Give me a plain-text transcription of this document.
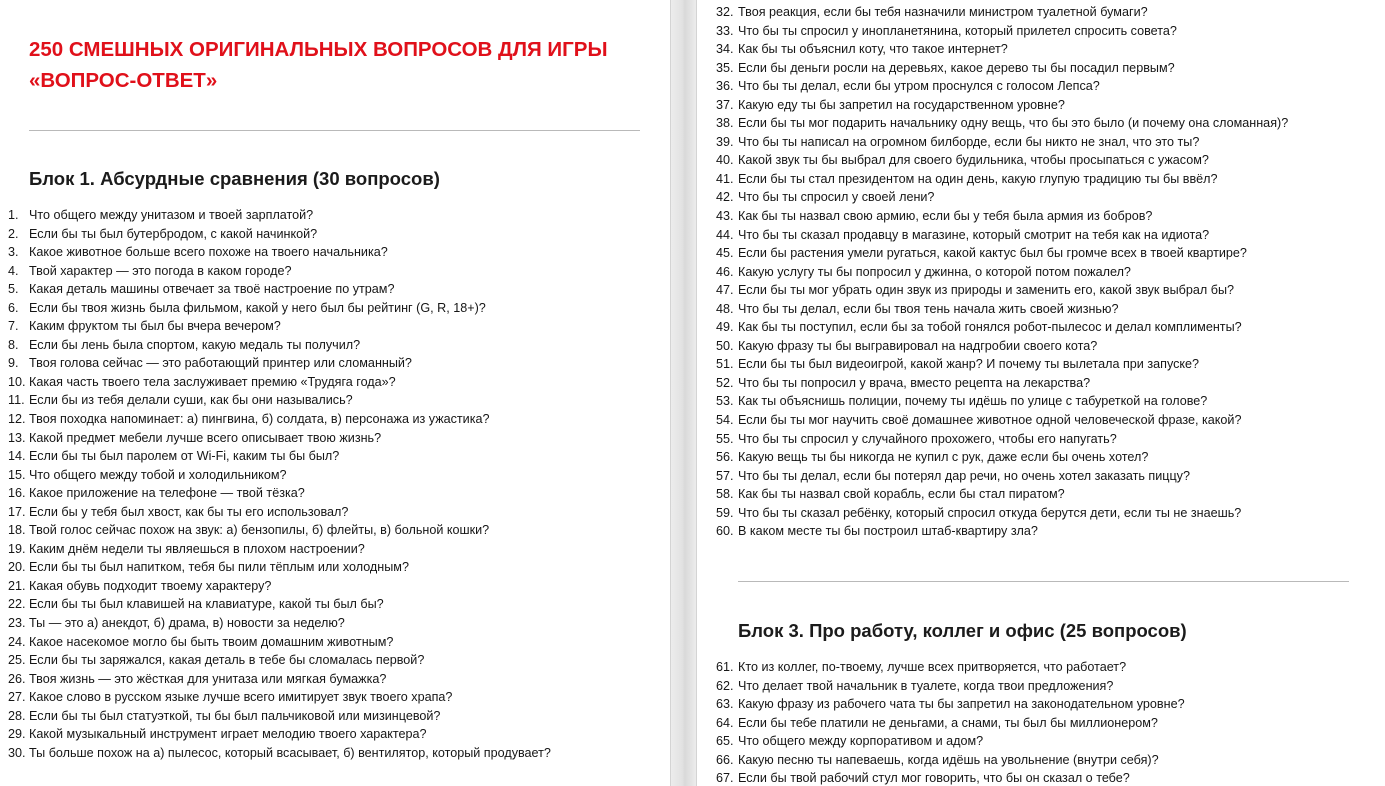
250 СМЕШНЫХ ОРИГИНАЛЬНЫХ ВОПРОСОВ ДЛЯ ИГРЫ
«ВОПРОС-ОТВЕТ»
Блок 1. Абсурдные сравнения (30 вопросов)
1. Что общего между унитазом и твоей зарплатой?
2. Если бы ты был бутербродом, с какой начинкой?
3. Какое животное больше всего похоже на твоего начальника?
4. Твой характер — это погода в каком городе?
5. Какая деталь машины отвечает за твоё настроение по утрам?
6. Если бы твоя жизнь была фильмом, какой у него был бы рейтинг (G, R, 18+)?
7. Каким фруктом ты был бы вчера вечером?
8. Если бы лень была спортом, какую медаль ты получил?
9. Твоя голова сейчас — это работающий принтер или сломанный?
10. Какая часть твоего тела заслуживает премию «Трудяга года»?
11. Если бы из тебя делали суши, как бы они назывались?
12. Твоя походка напоминает: а) пингвина, б) солдата, в) персонажа из ужастика?
13. Какой предмет мебели лучше всего описывает твою жизнь?
14. Если бы ты был паролем от Wi-Fi, каким ты бы был?
15. Что общего между тобой и холодильником?
16. Какое приложение на телефоне — твой тёзка?
17. Если бы у тебя был хвост, как бы ты его использовал?
18. Твой голос сейчас похож на звук: а) бензопилы, б) флейты, в) больной кошки?
19. Каким днём недели ты являешься в плохом настроении?
20. Если бы ты был напитком, тебя бы пили тёплым или холодным?
21. Какая обувь подходит твоему характеру?
22. Если бы ты был клавишей на клавиатуре, какой ты был бы?
23. Ты — это а) анекдот, б) драма, в) новости за неделю?
24. Какое насекомое могло бы быть твоим домашним животным?
25. Если бы ты заряжался, какая деталь в тебе бы сломалась первой?
26. Твоя жизнь — это жёсткая для унитаза или мягкая бумажка?
27. Какое слово в русском языке лучше всего имитирует звук твоего храпа?
28. Если бы ты был статуэткой, ты бы был пальчиковой или мизинцевой?
29. Какой музыкальный инструмент играет мелодию твоего характера?
30. Ты больше похож на а) пылесос, который всасывает, б) вентилятор, который продувает?
32. Твоя реакция, если бы тебя назначили министром туалетной бумаги?
33. Что бы ты спросил у инопланетянина, который прилетел спросить совета?
34. Как бы ты объяснил коту, что такое интернет?
35. Если бы деньги росли на деревьях, какое дерево ты бы посадил первым?
36. Что бы ты делал, если бы утром проснулся с голосом Лепса?
37. Какую еду ты бы запретил на государственном уровне?
38. Если бы ты мог подарить начальнику одну вещь, что бы это было (и почему она сломанная)?
39. Что бы ты написал на огромном билборде, если бы никто не знал, что это ты?
40. Какой звук ты бы выбрал для своего будильника, чтобы просыпаться с ужасом?
41. Если бы ты стал президентом на один день, какую глупую традицию ты бы ввёл?
42. Что бы ты спросил у своей лени?
43. Как бы ты назвал свою армию, если бы у тебя была армия из бобров?
44. Что бы ты сказал продавцу в магазине, который смотрит на тебя как на идиота?
45. Если бы растения умели ругаться, какой кактус был бы громче всех в твоей квартире?
46. Какую услугу ты бы попросил у джинна, о которой потом пожалел?
47. Если бы ты мог убрать один звук из природы и заменить его, какой звук выбрал бы?
48. Что бы ты делал, если бы твоя тень начала жить своей жизнью?
49. Как бы ты поступил, если бы за тобой гонялся робот-пылесос и делал комплименты?
50. Какую фразу ты бы выгравировал на надгробии своего кота?
51. Если бы ты был видеоигрой, какой жанр? И почему ты вылетала при запуске?
52. Что бы ты попросил у врача, вместо рецепта на лекарства?
53. Как ты объяснишь полиции, почему ты идёшь по улице с табуреткой на голове?
54. Если бы ты мог научить своё домашнее животное одной человеческой фразе, какой?
55. Что бы ты спросил у случайного прохожего, чтобы его напугать?
56. Какую вещь ты бы никогда не купил с рук, даже если бы очень хотел?
57. Что бы ты делал, если бы потерял дар речи, но очень хотел заказать пиццу?
58. Как бы ты назвал свой корабль, если бы стал пиратом?
59. Что бы ты сказал ребёнку, который спросил откуда берутся дети, если ты не знаешь?
60. В каком месте ты бы построил штаб-квартиру зла?
Блок 3. Про работу, коллег и офис (25 вопросов)
61. Кто из коллег, по-твоему, лучше всех притворяется, что работает?
62. Что делает твой начальник в туалете, когда твои предложения?
63. Какую фразу из рабочего чата ты бы запретил на законодательном уровне?
64. Если бы тебе платили не деньгами, а снами, ты был бы миллионером?
65. Что общего между корпоративом и адом?
66. Какую песню ты напеваешь, когда идёшь на увольнение (внутри себя)?
67. Если бы твой рабочий стул мог говорить, что бы он сказал о тебе?
